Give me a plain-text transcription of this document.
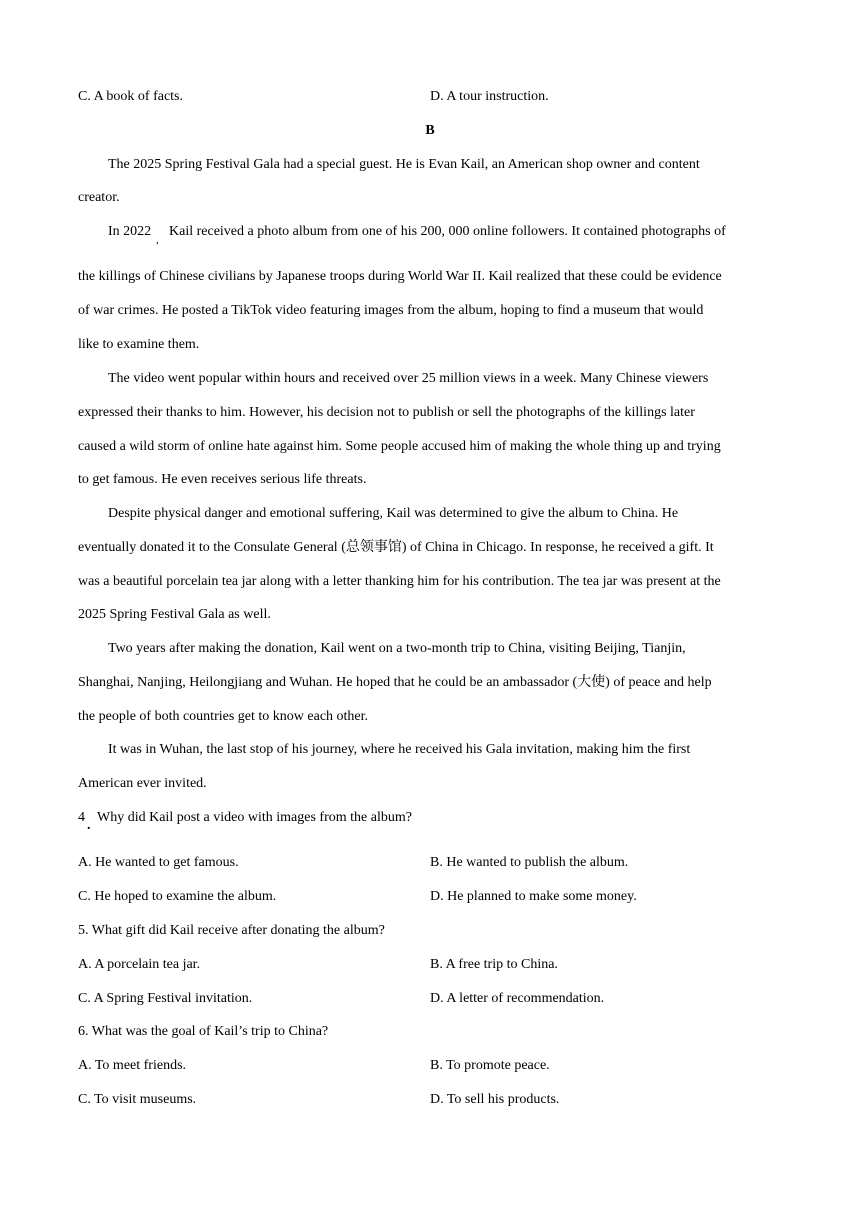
C. A book of facts.	D. A tour instruction.
B
The 2025 Spring Festival Gala had a special guest. He is Evan Kail, an American shop owner and content
creator.
In 2022
,
Kail received a photo album from one of his 200, 000 online followers. It contained photographs of
the killings of Chinese civilians by Japanese troops during World War II. Kail realized that these could be evidence
of war crimes. He posted a TikTok video featuring images from the album, hoping to find a museum that would
like to examine them.
The video went popular within hours and received over 25 million views in a week. Many Chinese viewers
expressed their thanks to him. However, his decision not to publish or sell the photographs of the killings later
caused a wild storm of online hate against him. Some people accused him of making the whole thing up and trying
to get famous. He even receives serious life threats.
Despite physical danger and emotional suffering, Kail was determined to give the album to China. He
eventually donated it to the Consulate General (总领事馆) of China in Chicago. In response, he received a gift. It
was a beautiful porcelain tea jar along with a letter thanking him for his contribution. The tea jar was present at the
2025 Spring Festival Gala as well.
Two years after making the donation, Kail went on a two-month trip to China, visiting Beijing, Tianjin,
Shanghai, Nanjing, Heilongjiang and Wuhan. He hoped that he could be an ambassador (大使) of peace and help
the people of both countries get to know each other.
It was in Wuhan, the last stop of his journey, where he received his Gala invitation, making him the first
American ever invited.
4
.
Why did Kail post a video with images from the album?
A. He wanted to get famous.	B. He wanted to publish the album.
C. He hoped to examine the album.	D. He planned to make some money.
5. What gift did Kail receive after donating the album?
A. A porcelain tea jar.	B. A free trip to China.
C. A Spring Festival invitation.	D. A letter of recommendation.
6. What was the goal of Kail’s trip to China?
A. To meet friends.	B. To promote peace.
C. To visit museums.	D. To sell his products.
